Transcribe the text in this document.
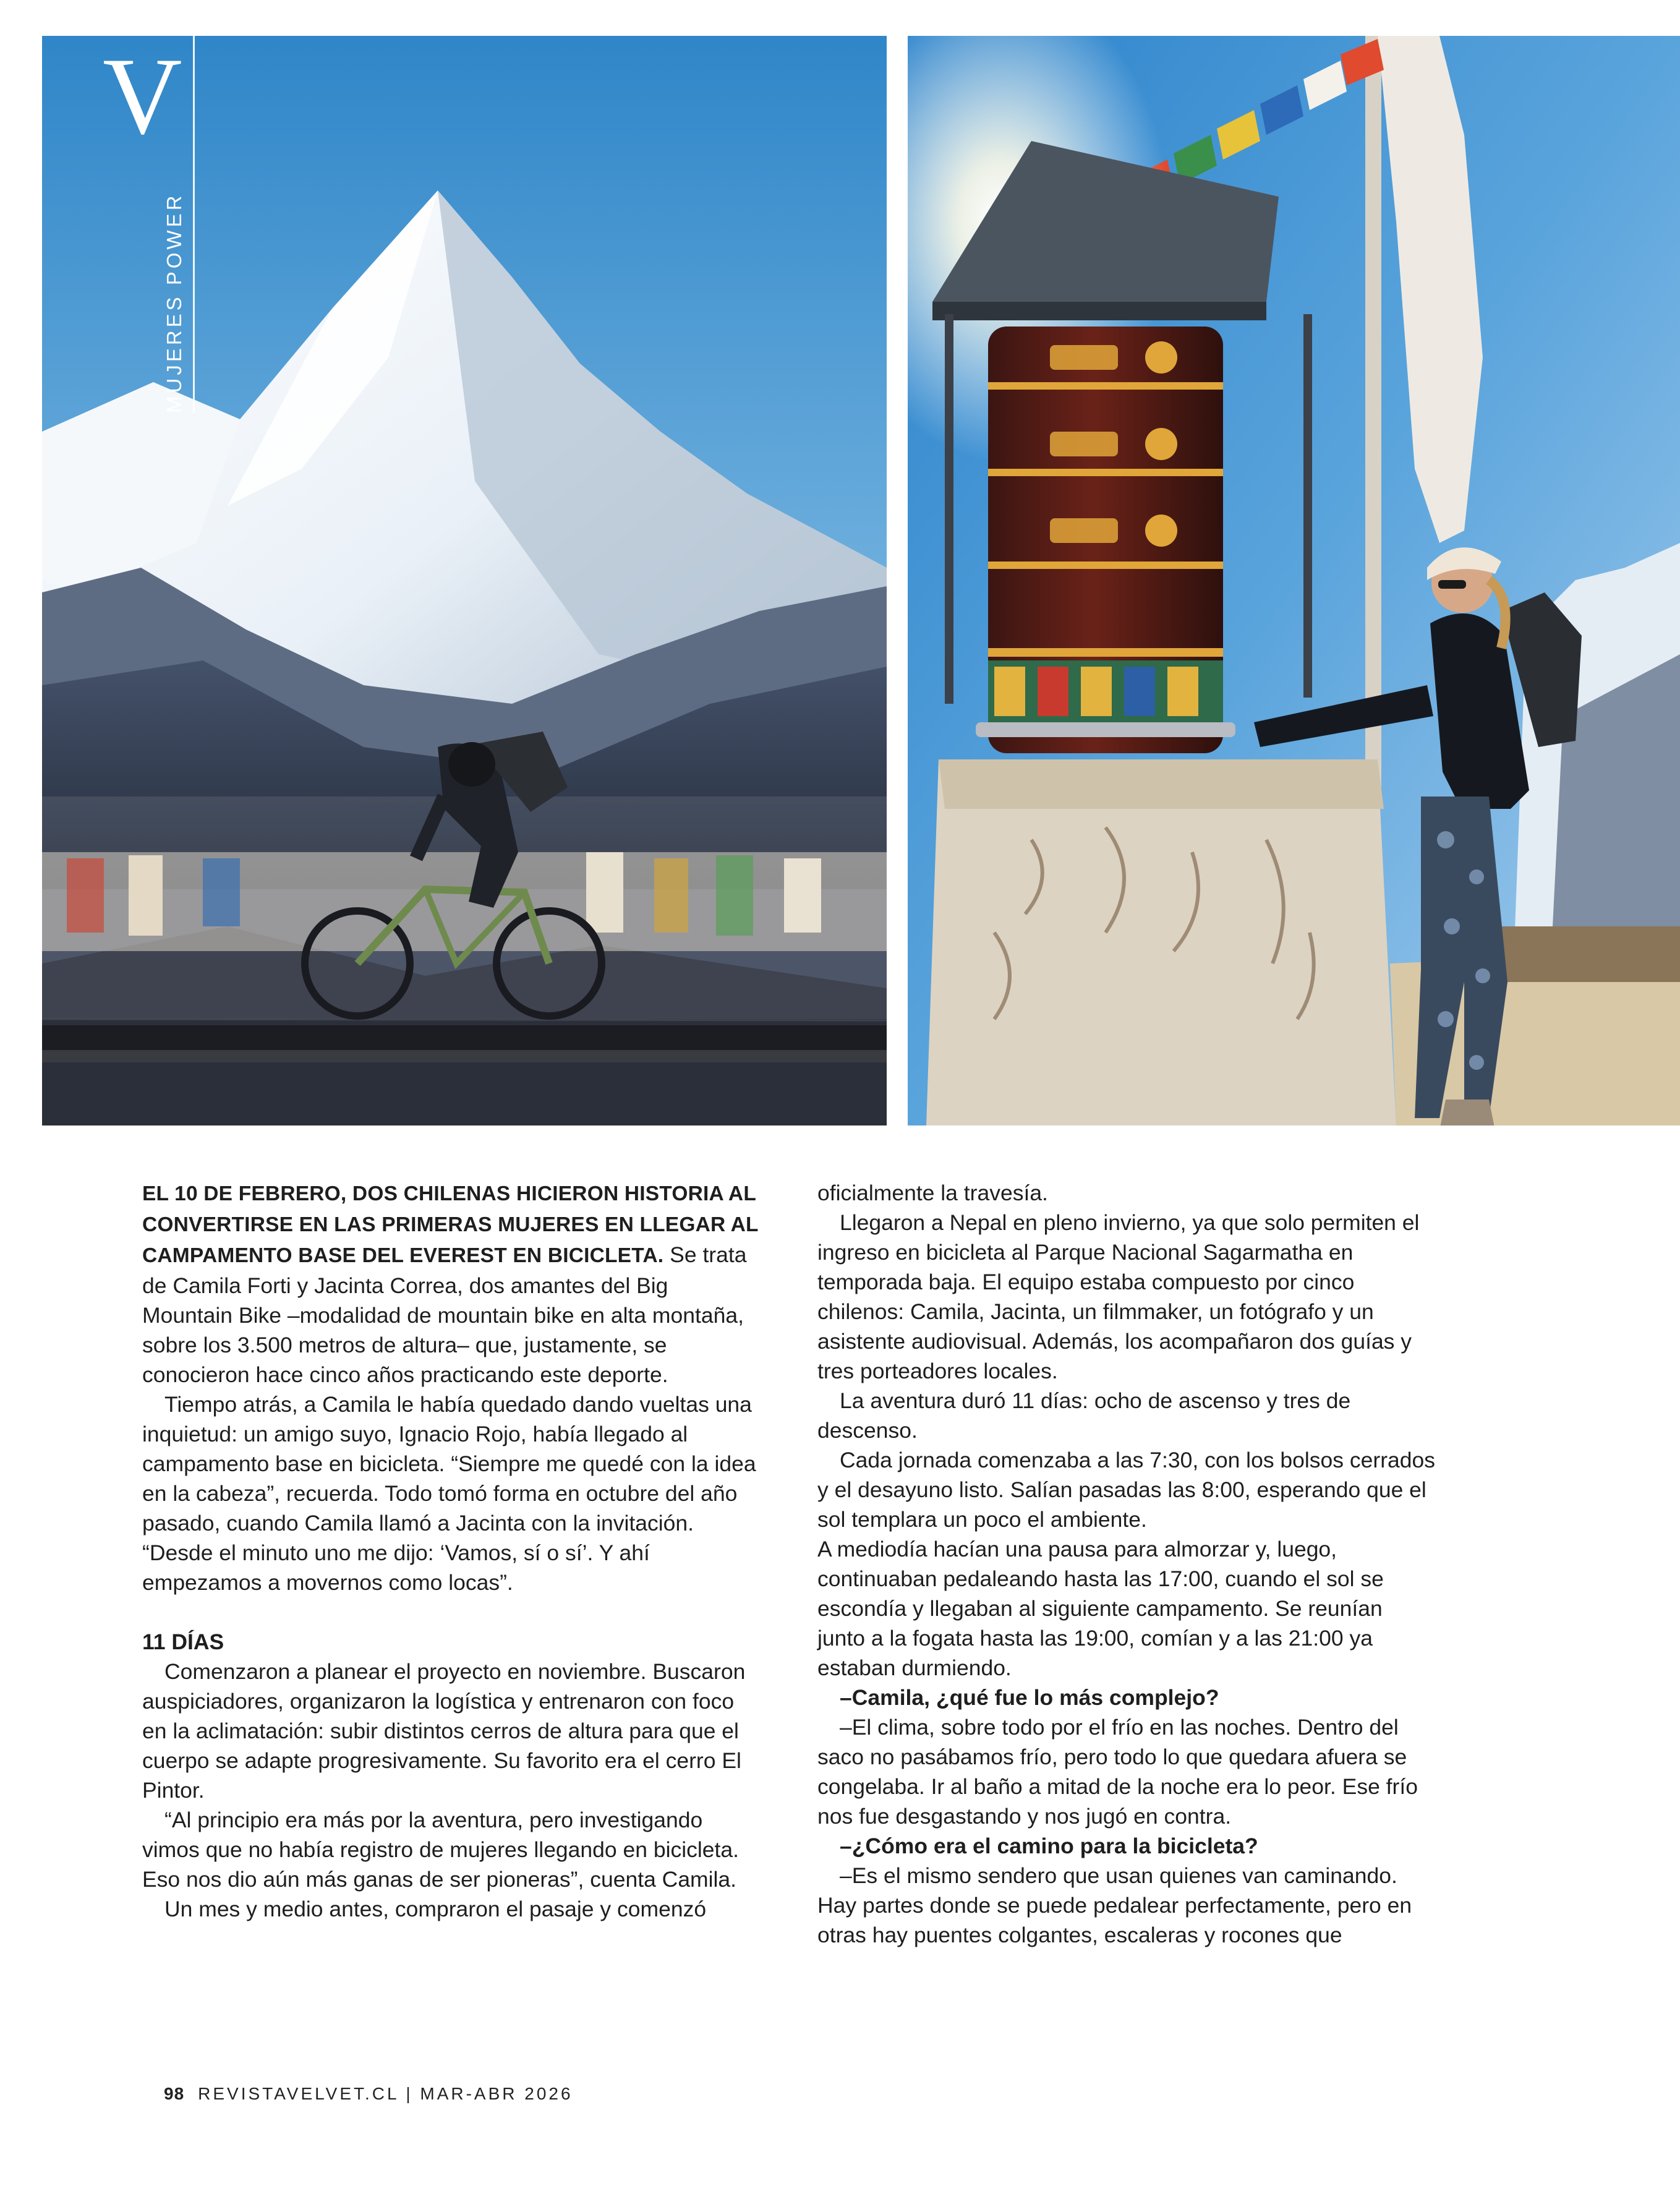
V
MUJERES POWER

EL 10 DE FEBRERO, DOS CHILENAS HICIERON HISTORIA AL CONVERTIRSE EN LAS PRIMERAS MUJERES EN LLEGAR AL CAMPAMENTO BASE DEL EVEREST EN BICICLETA. Se trata de Camila Forti y Jacinta Correa, dos amantes del Big Mountain Bike –modalidad de mountain bike en alta montaña, sobre los 3.500 metros de altura– que, justamente, se conocieron hace cinco años practicando este deporte.

Tiempo atrás, a Camila le había quedado dando vueltas una inquietud: un amigo suyo, Ignacio Rojo, había llegado al campamento base en bicicleta. “Siempre me quedé con la idea en la cabeza”, recuerda. Todo tomó forma en octubre del año pasado, cuando Camila llamó a Jacinta con la invitación. “Desde el minuto uno me dijo: ‘Vamos, sí o sí’. Y ahí empezamos a movernos como locas”.

11 DÍAS

Comenzaron a planear el proyecto en noviembre. Buscaron auspiciadores, organizaron la logística y entrenaron con foco en la aclimatación: subir distintos cerros de altura para que el cuerpo se adapte progresivamente. Su favorito era el cerro El Pintor.

“Al principio era más por la aventura, pero investigando vimos que no había registro de mujeres llegando en bicicleta. Eso nos dio aún más ganas de ser pioneras”, cuenta Camila.

Un mes y medio antes, compraron el pasaje y comenzó

oficialmente la travesía.

Llegaron a Nepal en pleno invierno, ya que solo permiten el ingreso en bicicleta al Parque Nacional Sagarmatha en temporada baja. El equipo estaba compuesto por cinco chilenos: Camila, Jacinta, un filmmaker, un fotógrafo y un asistente audiovisual. Además, los acompañaron dos guías y tres porteadores locales.

La aventura duró 11 días: ocho de ascenso y tres de descenso.

Cada jornada comenzaba a las 7:30, con los bolsos cerrados y el desayuno listo. Salían pasadas las 8:00, esperando que el sol templara un poco el ambiente.

A mediodía hacían una pausa para almorzar y, luego, continuaban pedaleando hasta las 17:00, cuando el sol se escondía y llegaban al siguiente campamento. Se reunían junto a la fogata hasta las 19:00, comían y a las 21:00 ya estaban durmiendo.

–Camila, ¿qué fue lo más complejo?

–El clima, sobre todo por el frío en las noches. Dentro del saco no pasábamos frío, pero todo lo que quedara afuera se congelaba. Ir al baño a mitad de la noche era lo peor. Ese frío nos fue desgastando y nos jugó en contra.

–¿Cómo era el camino para la bicicleta?

–Es el mismo sendero que usan quienes van caminando. Hay partes donde se puede pedalear perfectamente, pero en otras hay puentes colgantes, escaleras y rocones que

98 REVISTAVELVET.CL | MAR-ABR 2026
